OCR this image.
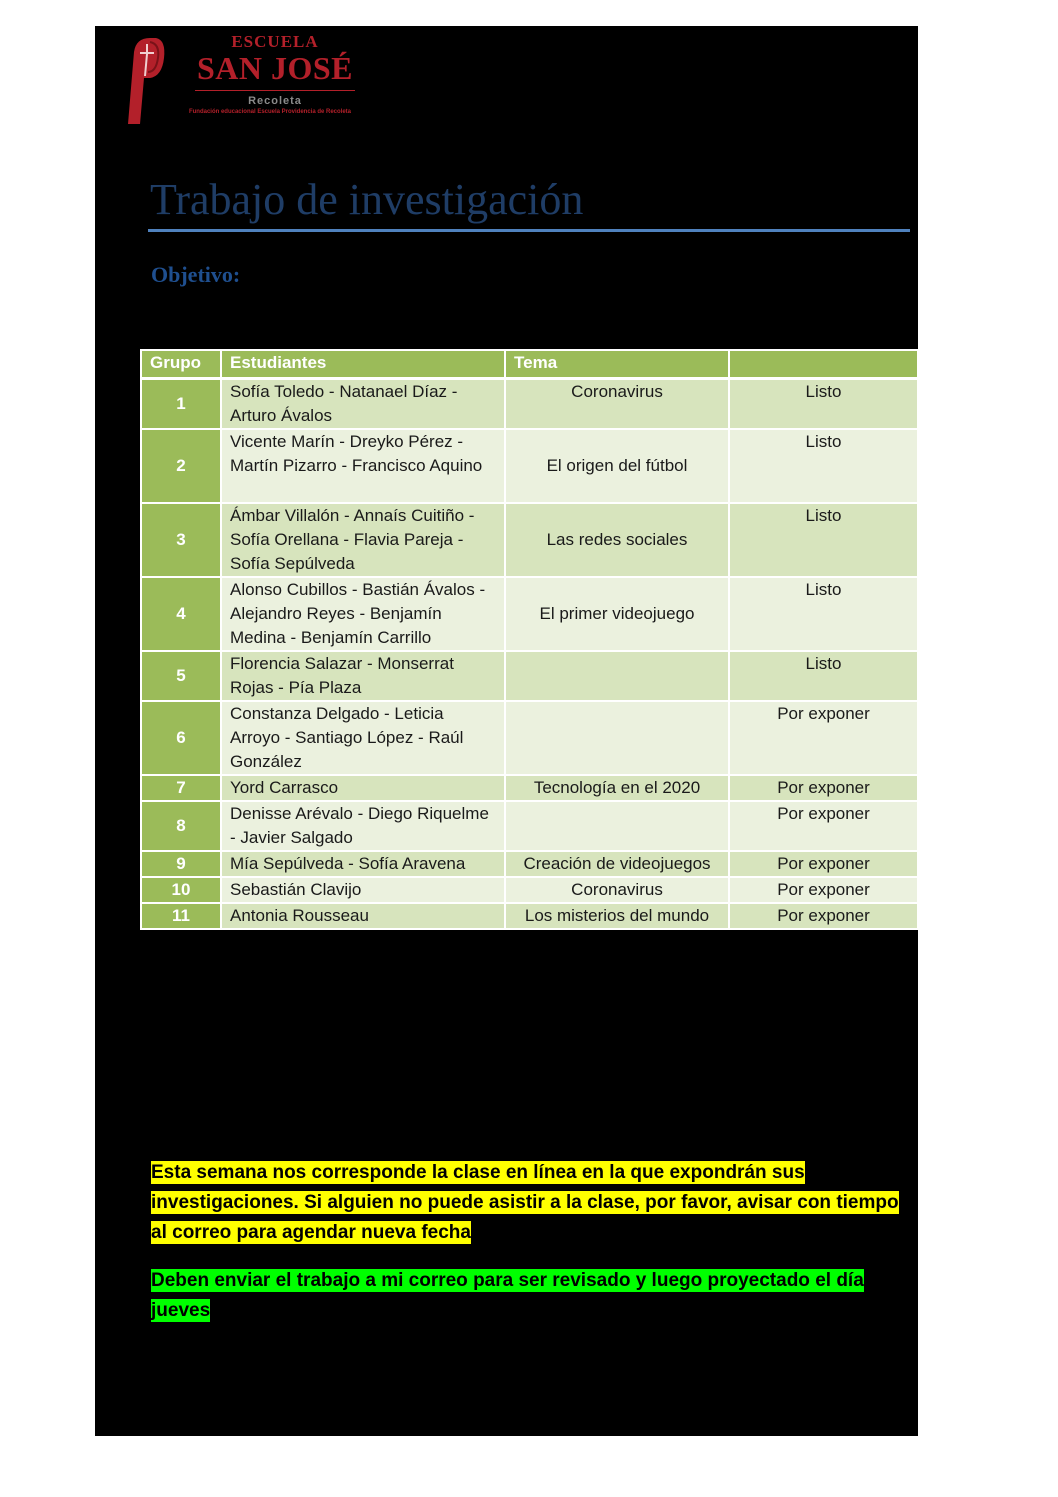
ESCUELA
SAN JOSÉ
Recoleta
Fundación educacional Escuela Providencia de Recoleta
Trabajo de investigación
Objetivo:
Grupo	Estudiantes	Tema	
1	Sofía Toledo - Natanael Díaz - Arturo Ávalos	Coronavirus	Listo
2	Vicente Marín - Dreyko Pérez - Martín Pizarro - Francisco Aquino	El origen del fútbol	Listo
3	Ámbar Villalón - Annaís Cuitiño - Sofía Orellana - Flavia Pareja - Sofía Sepúlveda	Las redes sociales	Listo
4	Alonso Cubillos - Bastián Ávalos - Alejandro Reyes - Benjamín Medina - Benjamín Carrillo	El primer videojuego	Listo
5	Florencia Salazar - Monserrat Rojas - Pía Plaza		Listo
6	Constanza Delgado - Leticia Arroyo - Santiago López - Raúl González		Por exponer
7	Yord Carrasco	Tecnología en el 2020	Por exponer
8	Denisse Arévalo - Diego Riquelme - Javier Salgado		Por exponer
9	Mía Sepúlveda - Sofía Aravena	Creación de videojuegos	Por exponer
10	Sebastián Clavijo	Coronavirus	Por exponer
11	Antonia Rousseau	Los misterios del mundo	Por exponer
Esta semana nos corresponde la clase en línea en la que expondrán sus investigaciones. Si alguien no puede asistir a la clase, por favor, avisar con tiempo al correo para agendar nueva fecha
Deben enviar el trabajo a mi correo para ser revisado y luego proyectado el día jueves
